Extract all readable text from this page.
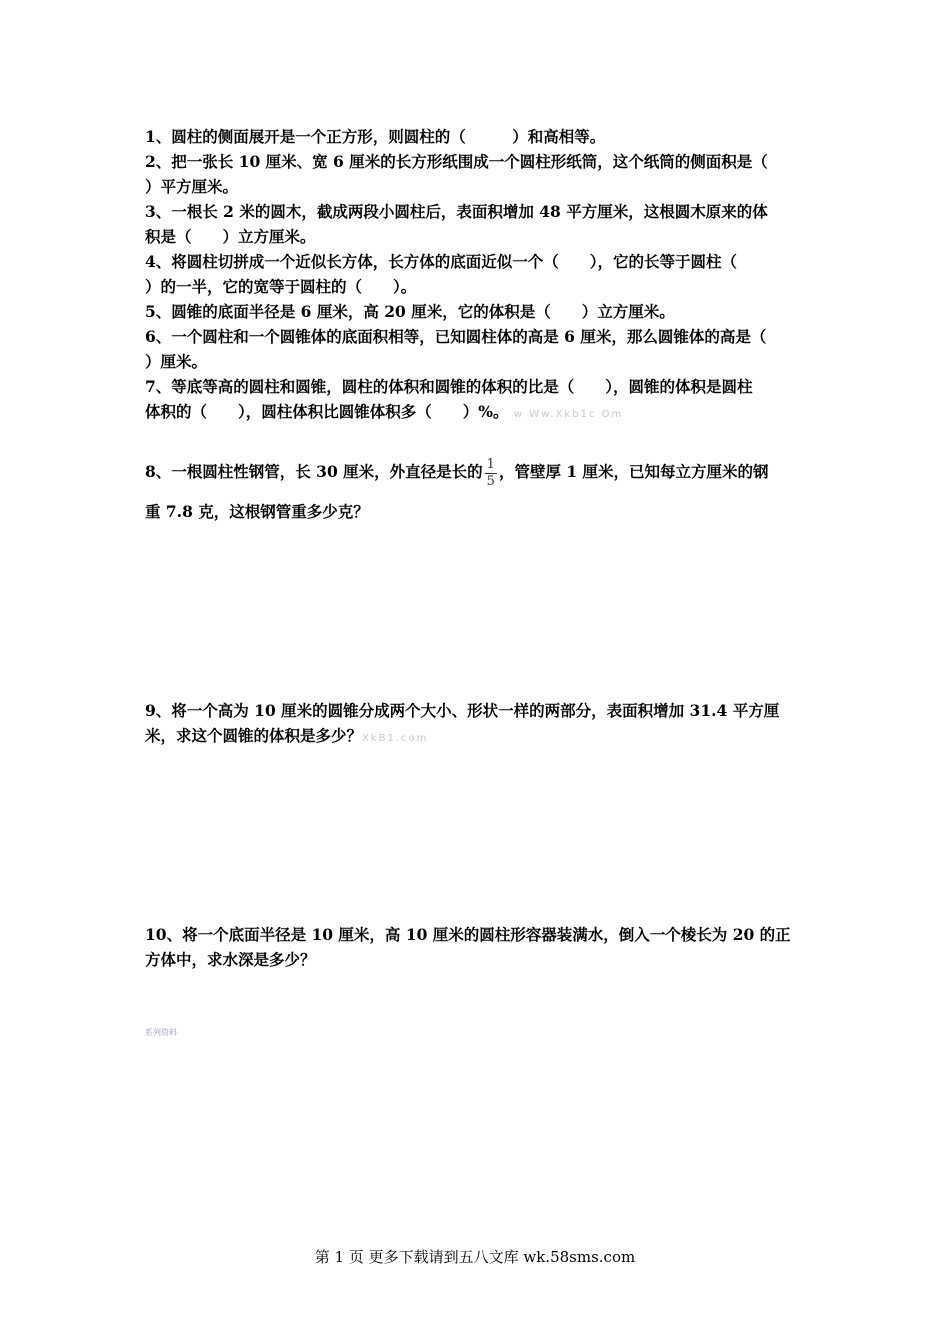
1、圆柱的侧面展开是一个正方形，则圆柱的（　　　）和高相等。
2、把一张长 10 厘米、宽 6 厘米的长方形纸围成一个圆柱形纸筒，这个纸筒的侧面积是（
）平方厘米。
3、一根长 2 米的圆木，截成两段小圆柱后，表面积增加 48 平方厘米，这根圆木原来的体
积是（　　）立方厘米。
4、将圆柱切拼成一个近似长方体，长方体的底面近似一个（　　），它的长等于圆柱（
）的一半，它的宽等于圆柱的（　　）。
5、圆锥的底面半径是 6 厘米，高 20 厘米，它的体积是（　　）立方厘米。
6、一个圆柱和一个圆锥体的底面积相等，已知圆柱体的高是 6 厘米，那么圆锥体的高是（
）厘米。
7、等底等高的圆柱和圆锥，圆柱的体积和圆锥的体积的比是（　　），圆锥的体积是圆柱
体积的（　　），圆柱体积比圆锥体积多（　　）%。 w Ww.Xkb1c Om
8、一根圆柱性钢管，长 30 厘米，外直径是长的 $\frac{1}{5}$ ，管壁厚 1 厘米，已知每立方厘米的钢
重 7.8 克，这根钢管重多少克？
9、将一个高为 10 厘米的圆锥分成两个大小、形状一样的两部分，表面积增加 31.4 平方厘
米，求这个圆锥的体积是多少？XkB1.com
10、将一个底面半径是 10 厘米，高 10 厘米的圆柱形容器装满水，倒入一个棱长为 20 的正
方体中，求水深是多少？
系列资料
第 1 页 更多下载请到五八文库 wk.58sms.com
